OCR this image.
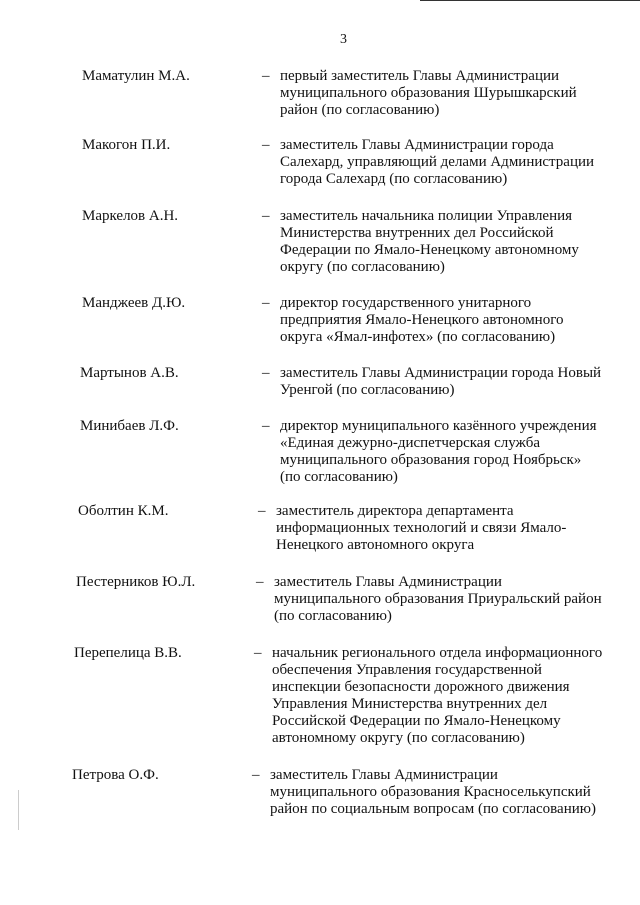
3
Маматулин М.А.	– первый заместитель Главы Администрации
муниципального образования Шурышкарский
район (по согласованию)
Макогон П.И.	– заместитель Главы Администрации города
Салехард, управляющий делами Администрации
города Салехард (по согласованию)
Маркелов А.Н.	– заместитель начальника полиции Управления
Министерства внутренних дел Российской
Федерации по Ямало-Ненецкому автономному
округу (по согласованию)
Манджеев Д.Ю.	– директор государственного унитарного
предприятия Ямало-Ненецкого автономного
округа «Ямал-инфотех» (по согласованию)
Мартынов А.В.	– заместитель Главы Администрации города Новый
Уренгой (по согласованию)
Минибаев Л.Ф.	– директор муниципального казённого учреждения
«Единая дежурно-диспетчерская служба
муниципального образования город Ноябрьск»
(по согласованию)
Оболтин К.М.	– заместитель директора департамента
информационных технологий и связи Ямало-
Ненецкого автономного округа
Пестерников Ю.Л.	– заместитель Главы Администрации
муниципального образования Приуральский район
(по согласованию)
Перепелица В.В.	– начальник регионального отдела информационного
обеспечения Управления государственной
инспекции безопасности дорожного движения
Управления Министерства внутренних дел
Российской Федерации по Ямало-Ненецкому
автономному округу (по согласованию)
Петрова О.Ф.	– заместитель Главы Администрации
муниципального образования Красноселькупский
район по социальным вопросам (по согласованию)
